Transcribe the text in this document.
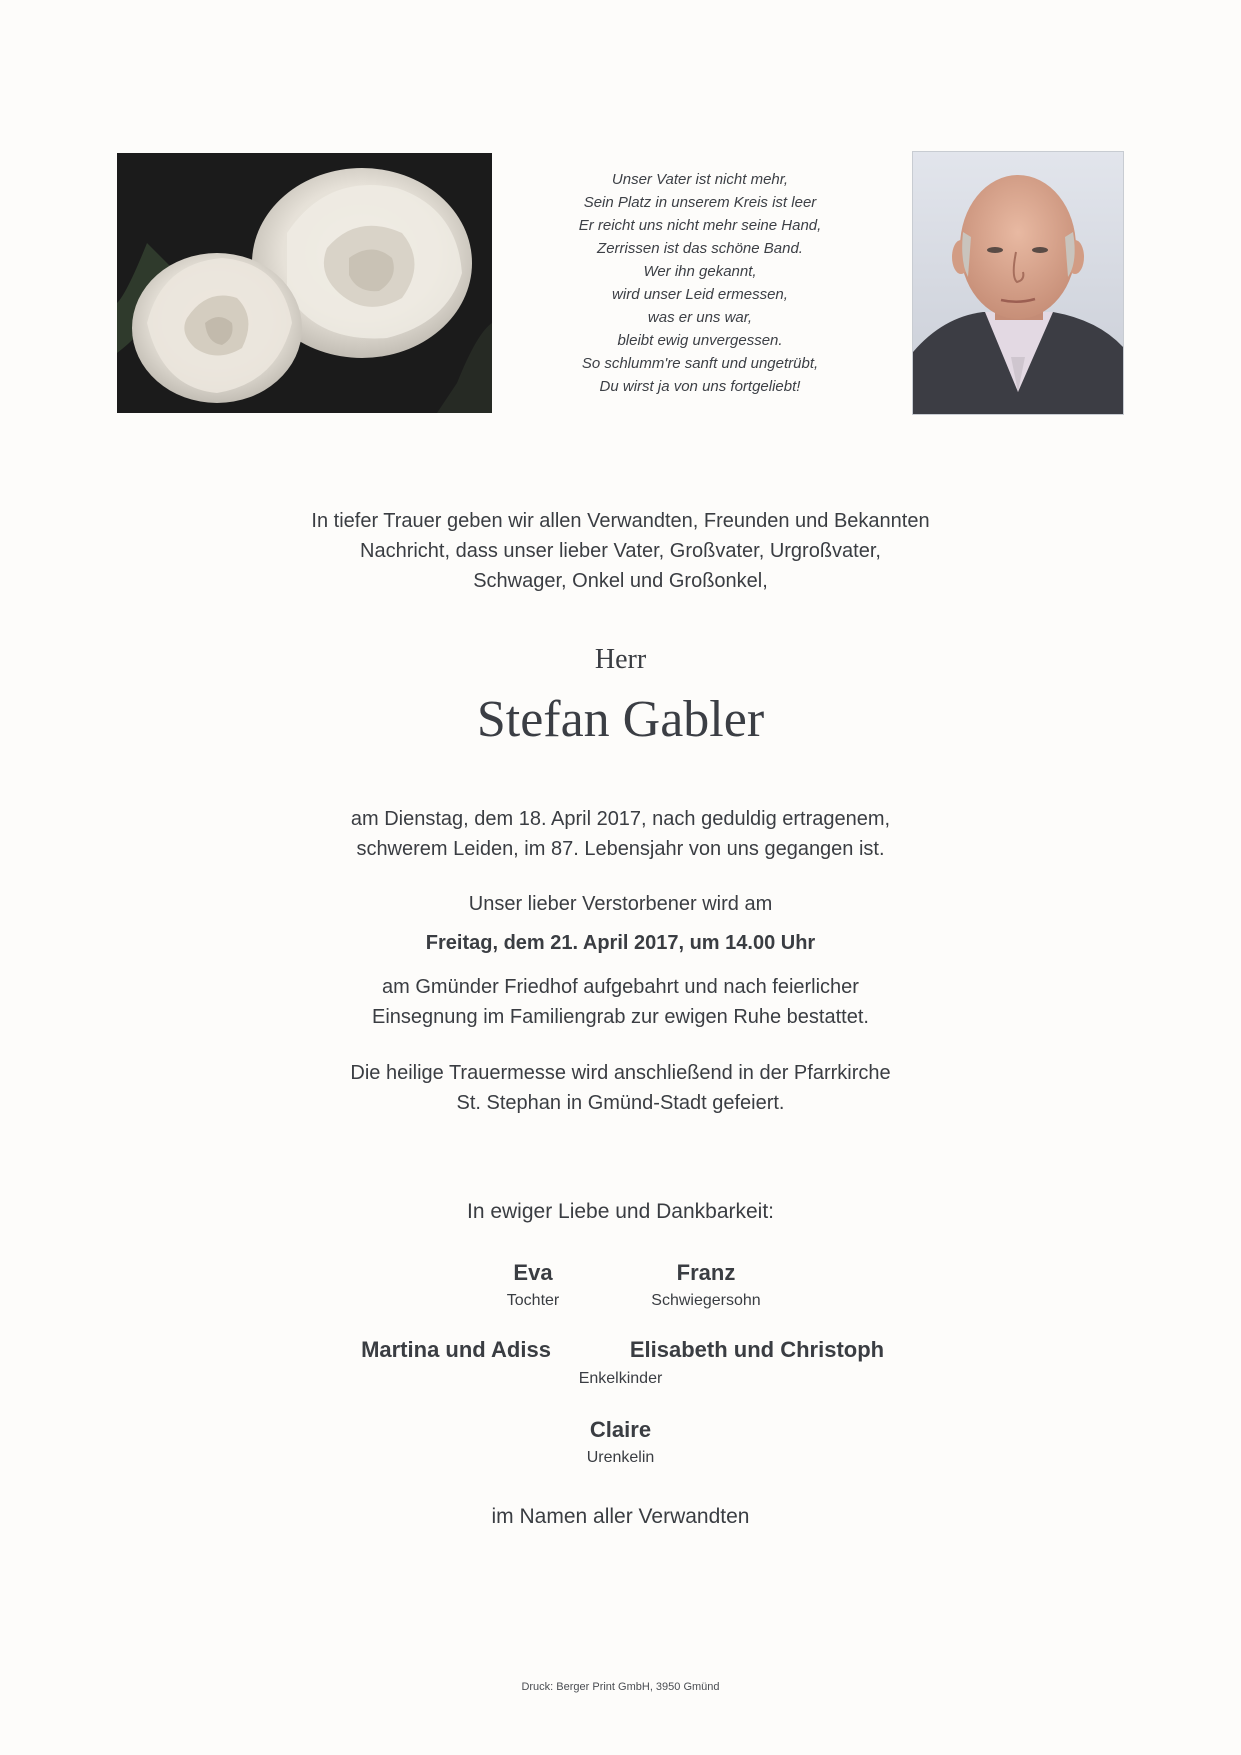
Unser Vater ist nicht mehr,
Sein Platz in unserem Kreis ist leer
Er reicht uns nicht mehr seine Hand,
Zerrissen ist das schöne Band.
Wer ihn gekannt,
wird unser Leid ermessen,
was er uns war,
bleibt ewig unvergessen.
So schlumm're sanft und ungetrübt,
Du wirst ja von uns fortgeliebt!
In tiefer Trauer geben wir allen Verwandten, Freunden und Bekannten
Nachricht, dass unser lieber Vater, Großvater, Urgroßvater,
Schwager, Onkel und Großonkel,
Herr
Stefan Gabler
am Dienstag, dem 18. April 2017, nach geduldig ertragenem,
schwerem Leiden, im 87. Lebensjahr von uns gegangen ist.
Unser lieber Verstorbener wird am
Freitag, dem 21. April 2017, um 14.00 Uhr
am Gmünder Friedhof aufgebahrt und nach feierlicher
Einsegnung im Familiengrab zur ewigen Ruhe bestattet.
Die heilige Trauermesse wird anschließend in der Pfarrkirche
St. Stephan in Gmünd-Stadt gefeiert.
In ewiger Liebe und Dankbarkeit:
Eva
Tochter
Franz
Schwiegersohn
Martina und Adiss	Elisabeth und Christoph
Enkelkinder
Claire
Urenkelin
im Namen aller Verwandten
Druck: Berger Print GmbH, 3950 Gmünd
